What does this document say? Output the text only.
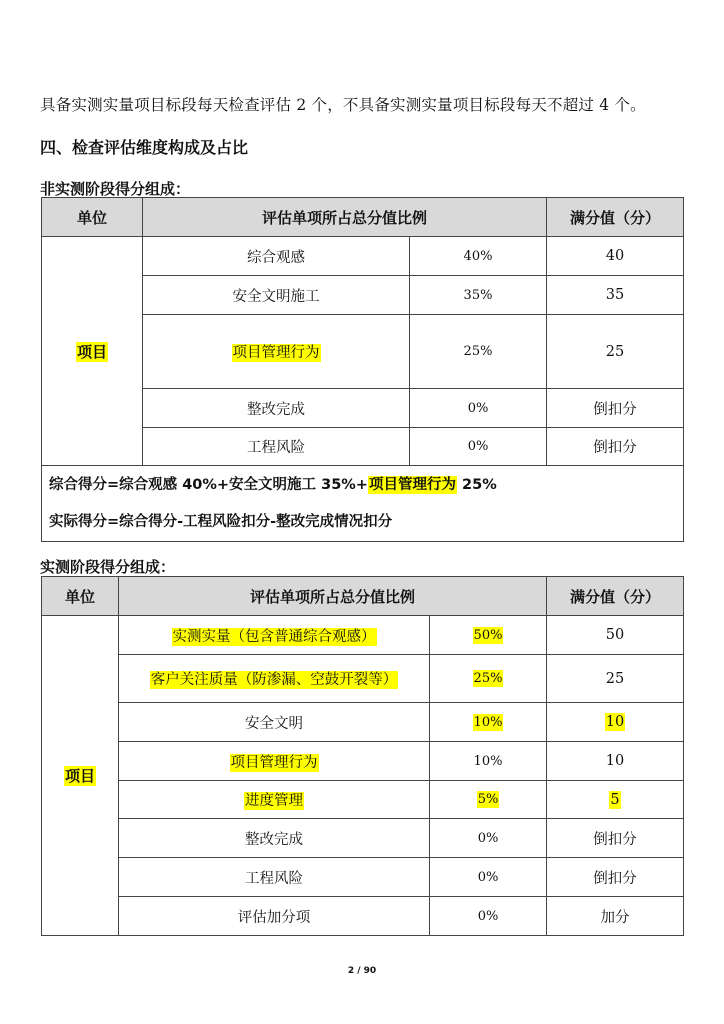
具备实测实量项目标段每天检查评估 2 个，不具备实测实量项目标段每天不超过 4 个。
四、检查评估维度构成及占比
非实测阶段得分组成：
单位	评估单项所占总分值比例		满分值（分）
项目	综合观感	40%	40
	安全文明施工	35%	35
	项目管理行为	25%	25
	整改完成	0%	倒扣分
	工程风险	0%	倒扣分

综合得分=综合观感 40%+安全文明施工 35%+项目管理行为 25%
实际得分=综合得分-工程风险扣分-整改完成情况扣分			
实测阶段得分组成：
单位	评估单项所占总分值比例		满分值（分）
项目	实测实量（包含普通综合观感）	50%	50
	客户关注质量（防渗漏、空鼓开裂等）	25%	25
	安全文明	10%	10
	项目管理行为	10%	10
	进度管理	5%	5
	整改完成	0%	倒扣分
	工程风险	0%	倒扣分
	评估加分项	0%	加分
2 / 90
